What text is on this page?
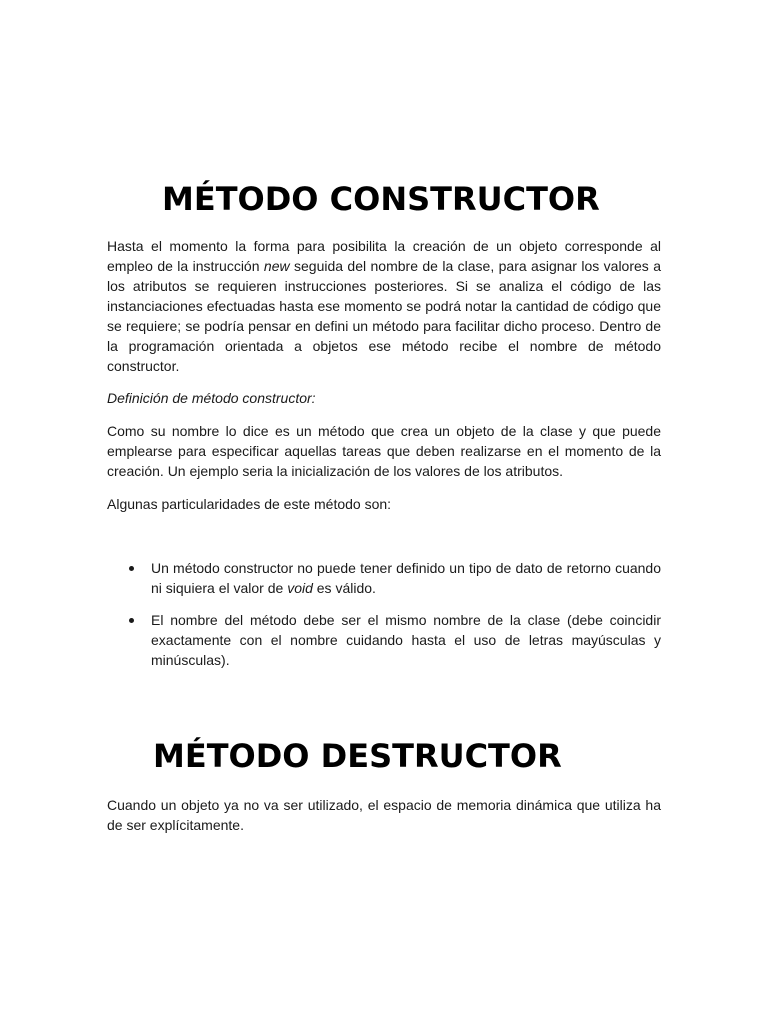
MÉTODO CONSTRUCTOR

Hasta el momento la forma para posibilita la creación de un objeto corresponde al empleo de la instrucción new seguida del nombre de la clase, para asignar los valores a los atributos se requieren instrucciones posteriores. Si se analiza el código de las instanciaciones efectuadas hasta ese momento se podrá notar la cantidad de código que se requiere; se podría pensar en defini un método para facilitar dicho proceso. Dentro de la programación orientada a objetos ese método recibe el nombre de método constructor.

Definición de método constructor:

Como su nombre lo dice es un método que crea un objeto de la clase y que puede emplearse para especificar aquellas tareas que deben realizarse en el momento de la creación. Un ejemplo seria la inicialización de los valores de los atributos.

Algunas particularidades de este método son:

Un método constructor no puede tener definido un tipo de dato de retorno cuando ni siquiera el valor de void es válido.
El nombre del método debe ser el mismo nombre de la clase (debe coincidir exactamente con el nombre cuidando hasta el uso de letras mayúsculas y minúsculas).
MÉTODO DESTRUCTOR

Cuando un objeto ya no va ser utilizado, el espacio de memoria dinámica que utiliza ha de ser explícitamente.
